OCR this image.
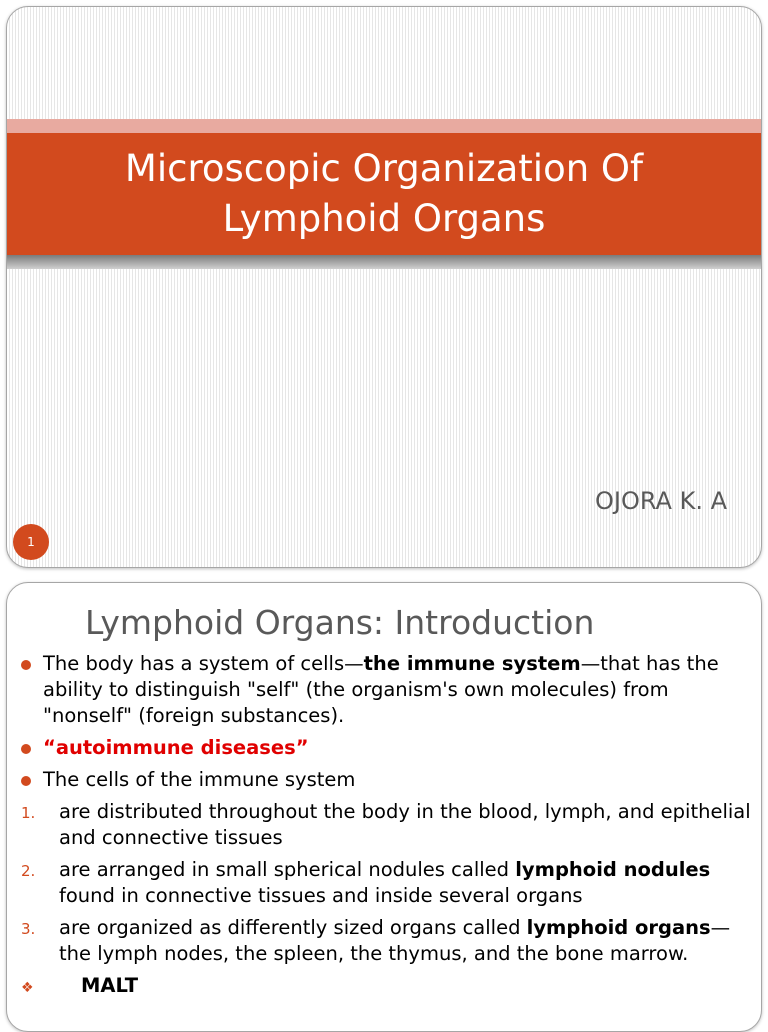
Microscopic Organization Of Lymphoid Organs
OJORA K. A
1
Lymphoid Organs: Introduction
The body has a system of cells—the immune system—that has the ability to distinguish "self" (the organism's own molecules) from "nonself" (foreign substances).
“autoimmune diseases”
The cells of the immune system
1.	are distributed throughout the body in the blood, lymph, and epithelial and connective tissues
2.	are arranged in small spherical nodules called lymphoid nodules found in connective tissues and inside several organs
3.	are organized as differently sized organs called lymphoid organs—the lymph nodes, the spleen, the thymus, and the bone marrow.
❖	MALT
